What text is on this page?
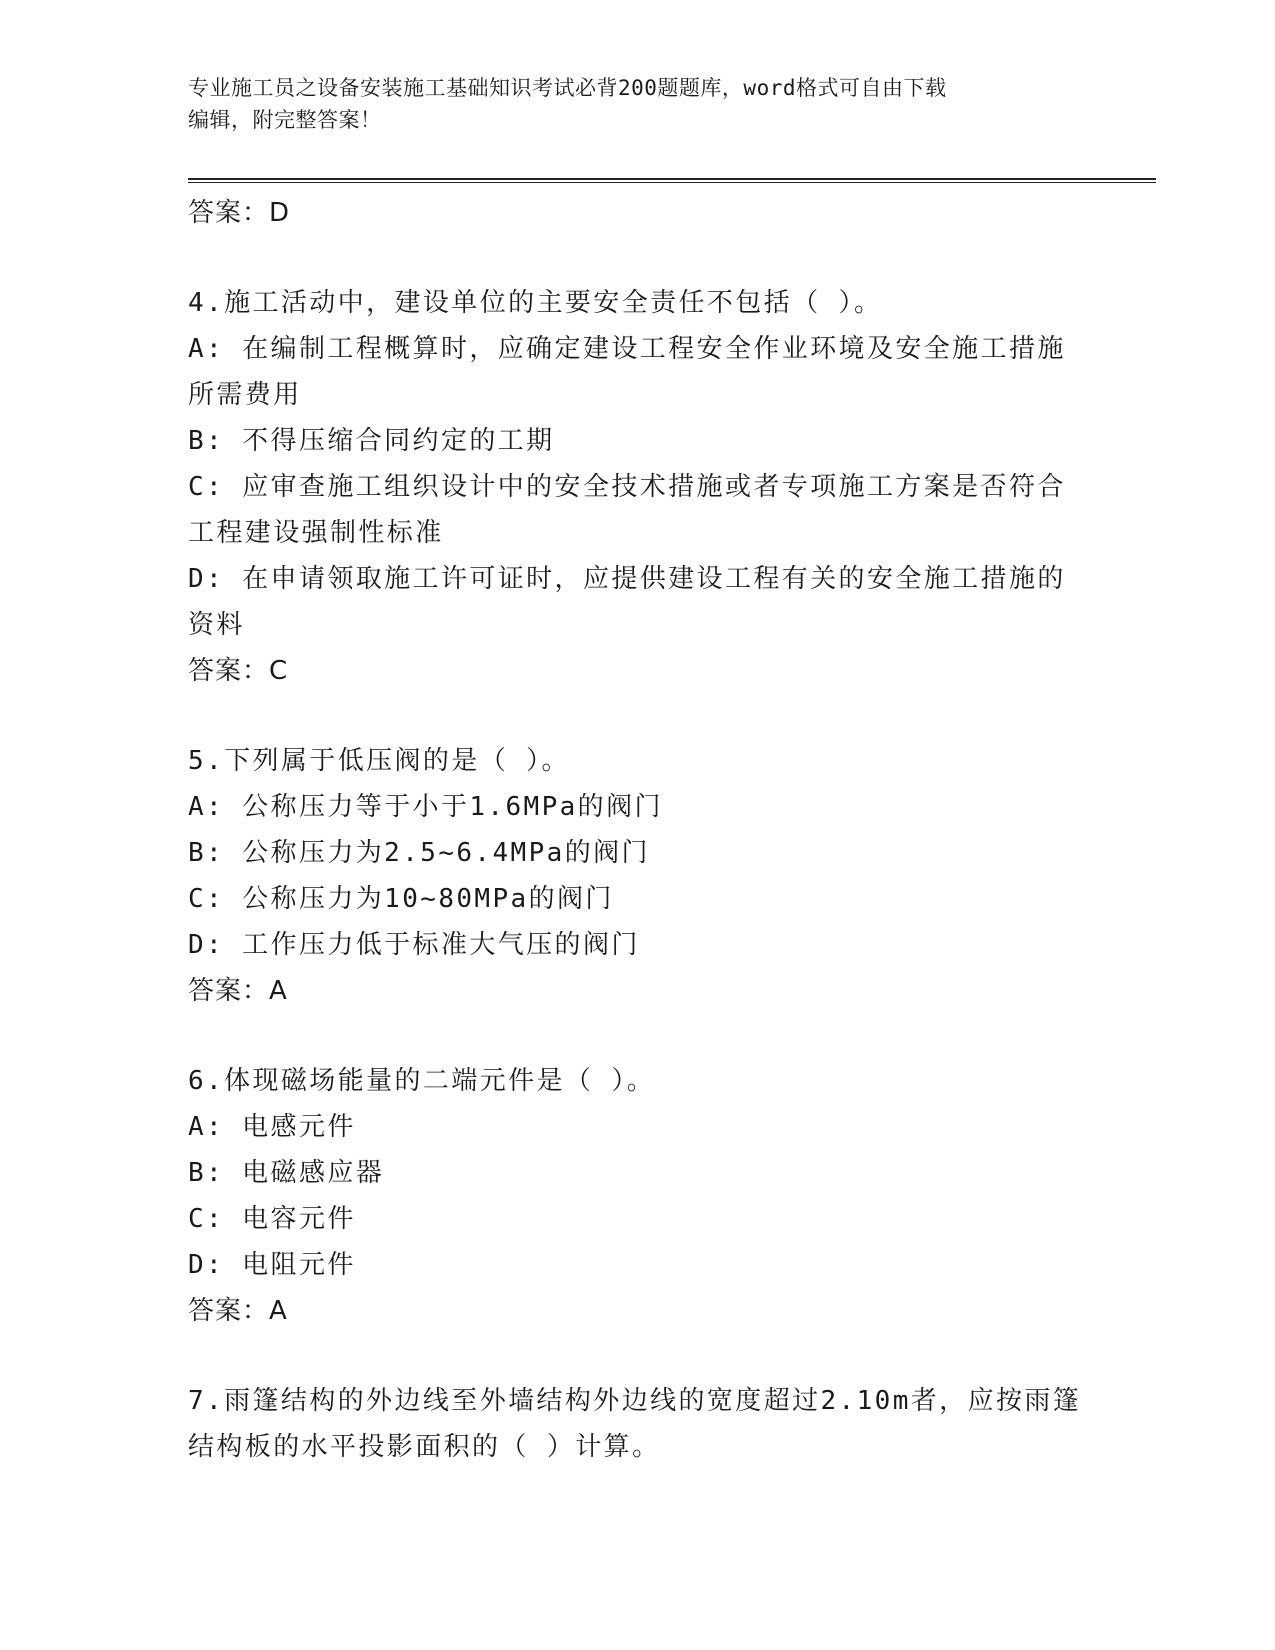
专业施工员之设备安装施工基础知识考试必背200题题库，word格式可自由下载
编辑，附完整答案！
答案：D
4.施工活动中，建设单位的主要安全责任不包括（ ）。
A: 在编制工程概算时，应确定建设工程安全作业环境及安全施工措施所需费用
B: 不得压缩合同约定的工期
C: 应审查施工组织设计中的安全技术措施或者专项施工方案是否符合工程建设强制性标准
D: 在申请领取施工许可证时，应提供建设工程有关的安全施工措施的资料
答案：C
5.下列属于低压阀的是（ ）。
A: 公称压力等于小于1.6MPa的阀门
B: 公称压力为2.5~6.4MPa的阀门
C: 公称压力为10~80MPa的阀门
D: 工作压力低于标准大气压的阀门
答案：A
6.体现磁场能量的二端元件是（ ）。
A: 电感元件
B: 电磁感应器
C: 电容元件
D: 电阻元件
答案：A
7.雨篷结构的外边线至外墙结构外边线的宽度超过2.10m者，应按雨篷结构板的水平投影面积的（ ）计算。
